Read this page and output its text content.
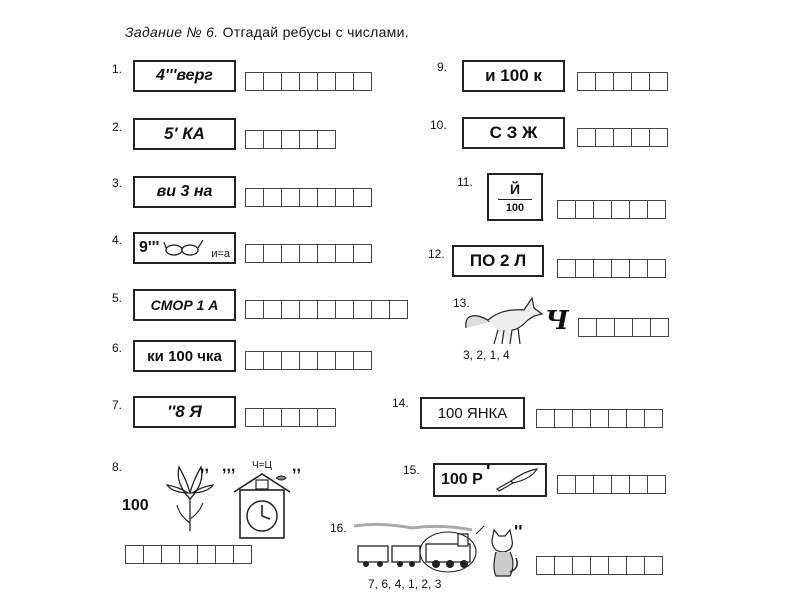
Задание № 6. Отгадай ребусы с числами.
1.	4'''верг
2.	5' КА
3.	ви 3 на
4. 9'''	и=а
5.	СМОР 1 А
6.	ки 100 чка
7.	''8 Я
8.
100
,, ,,, Ч=Ц ,,
9.	и 100 к
10.	С З Ж
11.	Й
100
12.	ПО 2 Л
13.
Ч
3, 2, 1, 4
14.
100 ЯНКА
15.
100 Р '
16.	''
7, 6, 4, 1, 2, 3
